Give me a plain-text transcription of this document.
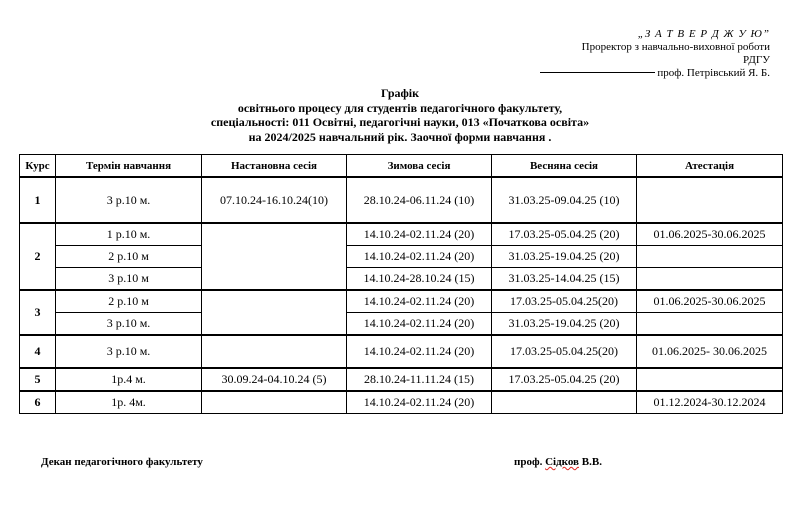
„З А Т В Е Р Д Ж У Ю”
Проректор з навчально-виховної роботи
РДГУ
проф. Петрівський Я. Б.
Графік
освітнього процесу для студентів педагогічного факультету,
спеціальності: 011 Освітні, педагогічні науки, 013 «Початкова освіта»
на 2024/2025 навчальний рік. Заочної форми навчання .
Курс	Термін навчання	Настановна сесія	Зимова сесія	Весняна сесія	Атестація
1	3 р.10 м.	07.10.24-16.10.24(10)	28.10.24-06.11.24 (10)	31.03.25-09.04.25 (10)	
2	1 р.10 м.		14.10.24-02.11.24 (20)	17.03.25-05.04.25 (20)	01.06.2025-30.06.2025
	2 р.10 м		14.10.24-02.11.24 (20)	31.03.25-19.04.25 (20)	
	3 р.10 м		14.10.24-28.10.24 (15)	31.03.25-14.04.25 (15)	
3	2 р.10 м		14.10.24-02.11.24 (20)	17.03.25-05.04.25(20)	01.06.2025-30.06.2025
	3 р.10 м.		14.10.24-02.11.24 (20)	31.03.25-19.04.25 (20)	
4	3 р.10 м.		14.10.24-02.11.24 (20)	17.03.25-05.04.25(20)	01.06.2025- 30.06.2025
5	1р.4 м.	30.09.24-04.10.24 (5)	28.10.24-11.11.24 (15)	17.03.25-05.04.25 (20)	
6	1р. 4м.		14.10.24-02.11.24 (20)		01.12.2024-30.12.2024
Декан педагогічного факультету	проф. Сідков В.В.
